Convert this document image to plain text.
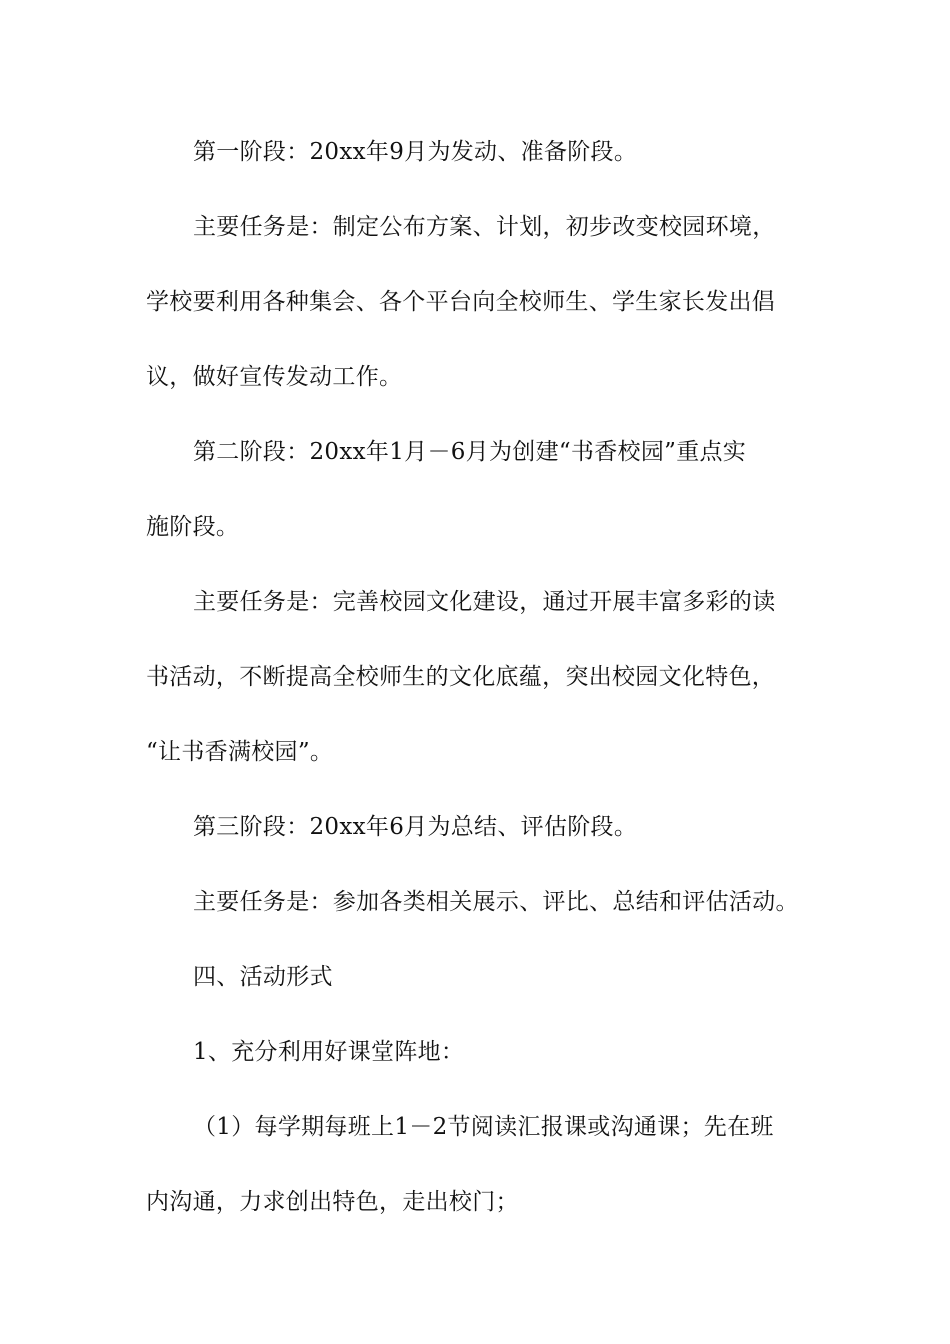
第一阶段：20xx年9月为发动、准备阶段。
主要任务是：制定公布方案、计划，初步改变校园环境，
学校要利用各种集会、各个平台向全校师生、学生家长发出倡
议，做好宣传发动工作。
第二阶段：20xx年1月－6月为创建“书香校园”重点实
施阶段。
主要任务是：完善校园文化建设，通过开展丰富多彩的读
书活动，不断提高全校师生的文化底蕴，突出校园文化特色，
“让书香满校园”。
第三阶段：20xx年6月为总结、评估阶段。
主要任务是：参加各类相关展示、评比、总结和评估活动。
四、活动形式
1、充分利用好课堂阵地：
（1）每学期每班上1－2节阅读汇报课或沟通课；先在班
内沟通，力求创出特色，走出校门；
